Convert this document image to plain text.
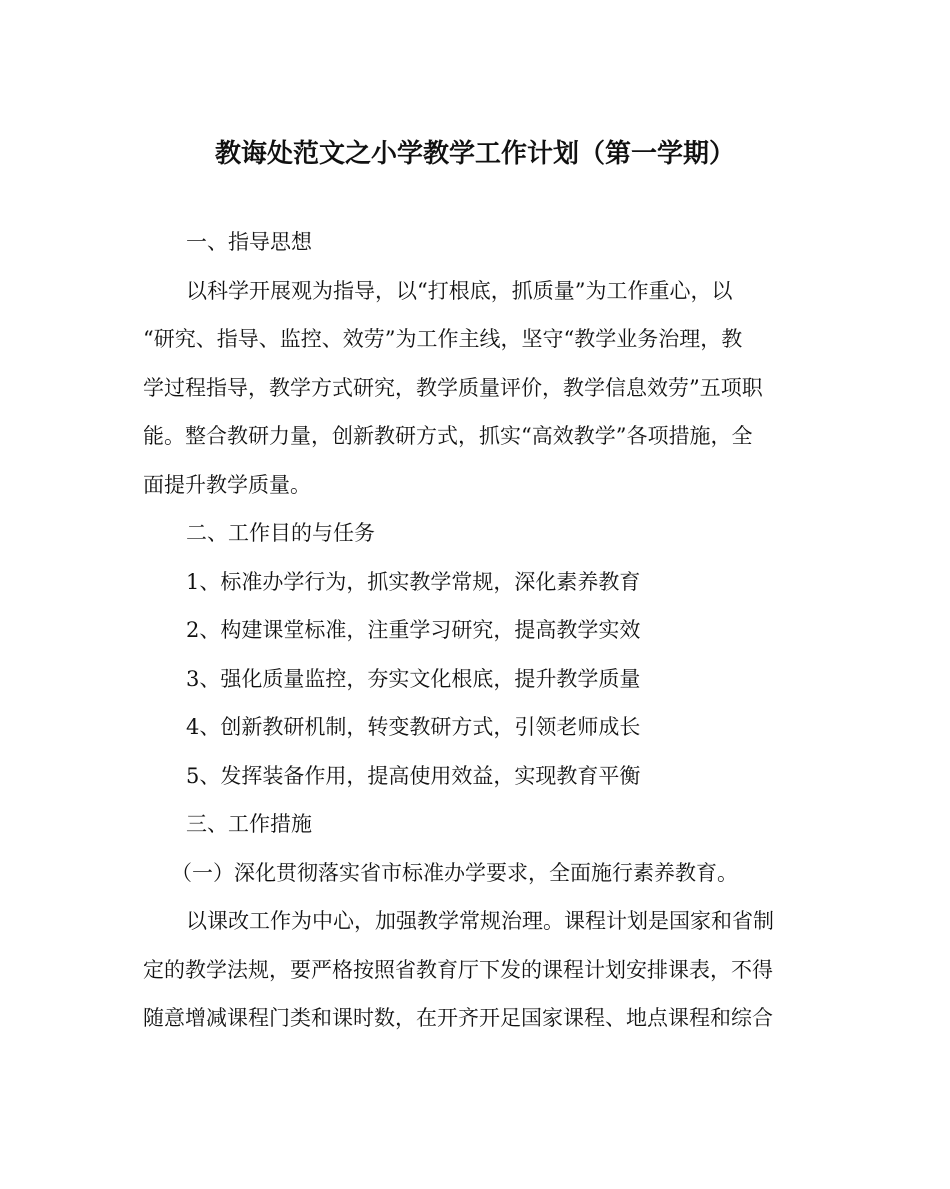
教诲处范文之小学教学工作计划（第一学期）
一、指导思想
以科学开展观为指导，以“打根底，抓质量”为工作重心，以
“研究、指导、监控、效劳”为工作主线，坚守“教学业务治理，教
学过程指导，教学方式研究，教学质量评价，教学信息效劳”五项职
能。整合教研力量，创新教研方式，抓实“高效教学”各项措施，全
面提升教学质量。
二、工作目的与任务
1、标准办学行为，抓实教学常规，深化素养教育
2、构建课堂标准，注重学习研究，提高教学实效
3、强化质量监控，夯实文化根底，提升教学质量
4、创新教研机制，转变教研方式，引领老师成长
5、发挥装备作用，提高使用效益，实现教育平衡
三、工作措施
（一）深化贯彻落实省市标准办学要求，全面施行素养教育。
以课改工作为中心，加强教学常规治理。课程计划是国家和省制
定的教学法规，要严格按照省教育厅下发的课程计划安排课表，不得
随意增减课程门类和课时数，在开齐开足国家课程、地点课程和综合
